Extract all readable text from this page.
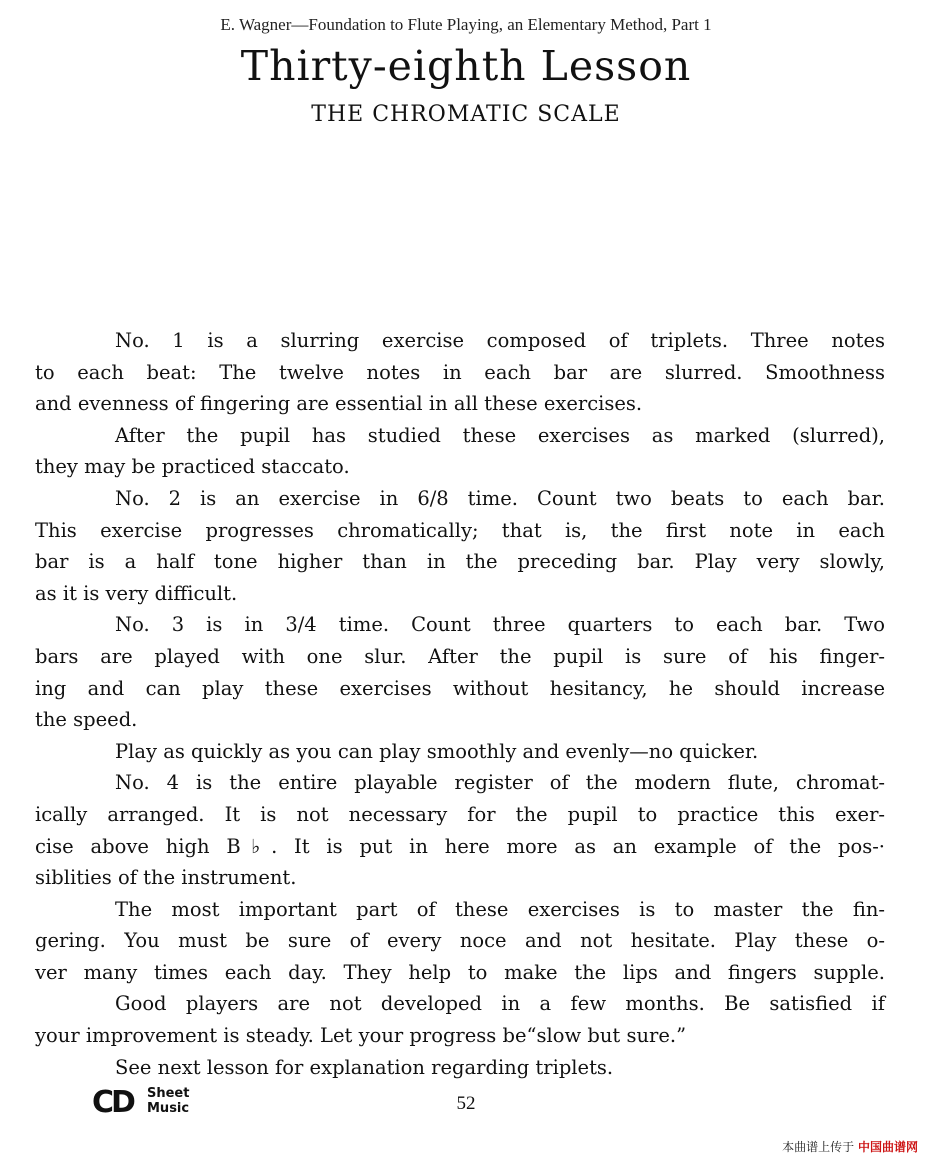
E. Wagner—Foundation to Flute Playing, an Elementary Method, Part 1
Thirty-eighth Lesson
THE CHROMATIC SCALE
No. 1 is a slurring exercise composed of triplets. Three notes
to each beat: The twelve notes in each bar are slurred. Smoothness
and evenness of fingering are essential in all these exercises.
After the pupil has studied these exercises as marked (slurred),
they may be practiced staccato.
No. 2 is an exercise in 6/8 time. Count two beats to each bar.
This exercise progresses chromatically; that is, the first note in each
bar is a half tone higher than in the preceding bar. Play very slowly,
as it is very difficult.
No. 3 is in 3/4 time. Count three quarters to each bar. Two
bars are played with one slur. After the pupil is sure of his finger-
ing and can play these exercises without hesitancy, he should increase
the speed.
Play as quickly as you can play smoothly and evenly—no quicker.
No. 4 is the entire playable register of the modern flute, chromat-
ically arranged. It is not necessary for the pupil to practice this exer-
cise above high B♭. It is put in here more as an example of the pos-·
siblities of the instrument.
The most important part of these exercises is to master the fin-
gering. You must be sure of every noce and not hesitate. Play these o-
ver many times each day. They help to make the lips and fingers supple.
Good players are not developed in a few months. Be satisfied if
your improvement is steady. Let your progress be“slow but sure.”
See next lesson for explanation regarding triplets.
CD Sheet
Music	52
本曲谱上传于 中国曲谱网
